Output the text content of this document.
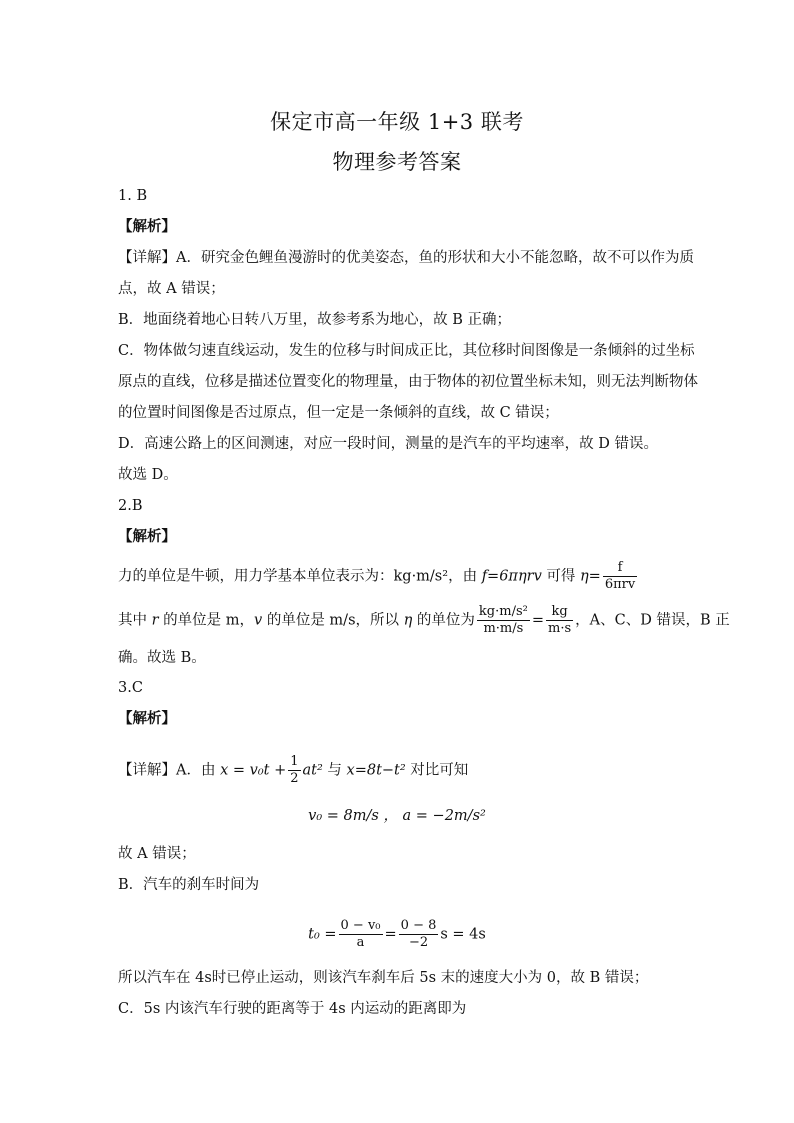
保定市高一年级 1+3 联考
物理参考答案
1. B
【解析】
【详解】A．研究金色鲤鱼漫游时的优美姿态，鱼的形状和大小不能忽略，故不可以作为质
点，故 A 错误；
B．地面绕着地心日转八万里，故参考系为地心，故 B 正确；
C．物体做匀速直线运动，发生的位移与时间成正比，其位移时间图像是一条倾斜的过坐标
原点的直线，位移是描述位置变化的物理量，由于物体的初位置坐标未知，则无法判断物体
的位置时间图像是否过原点，但一定是一条倾斜的直线，故 C 错误；
D．高速公路上的区间测速，对应一段时间，测量的是汽车的平均速率，故 D 错误。
故选 D。
2.B
【解析】
力的单位是牛顿，用力学基本单位表示为：kg·m/s²，由 f=6πηrv 可得 $\eta= \frac{f}{\text{6πrv}}$
其中 r 的单位是 m，v 的单位是 m/s，所以 η 的单位为 $\frac{\text{kg·m/s²}}{m\cdot m/s} = \frac{kg}{m\cdot s}$ ，A、C、D 错误，B 正
确。故选 B。
3.C
【解析】
【详解】A．由 $x = v_0t + \frac{1}{2} at^2$ 与 x=8t−t² 对比可知
v₀ = 8m/s ， a = −2m/s²
故 A 错误；
B．汽车的刹车时间为
$t_0 = \frac{\text{0 − v₀}}{a} = \frac{0 - 8}{-2}$ s = 4s
所以汽车在 4s时已停止运动，则该汽车刹车后 5s 末的速度大小为 0，故 B 错误；
C．5s 内该汽车行驶的距离等于 4s 内运动的距离即为
